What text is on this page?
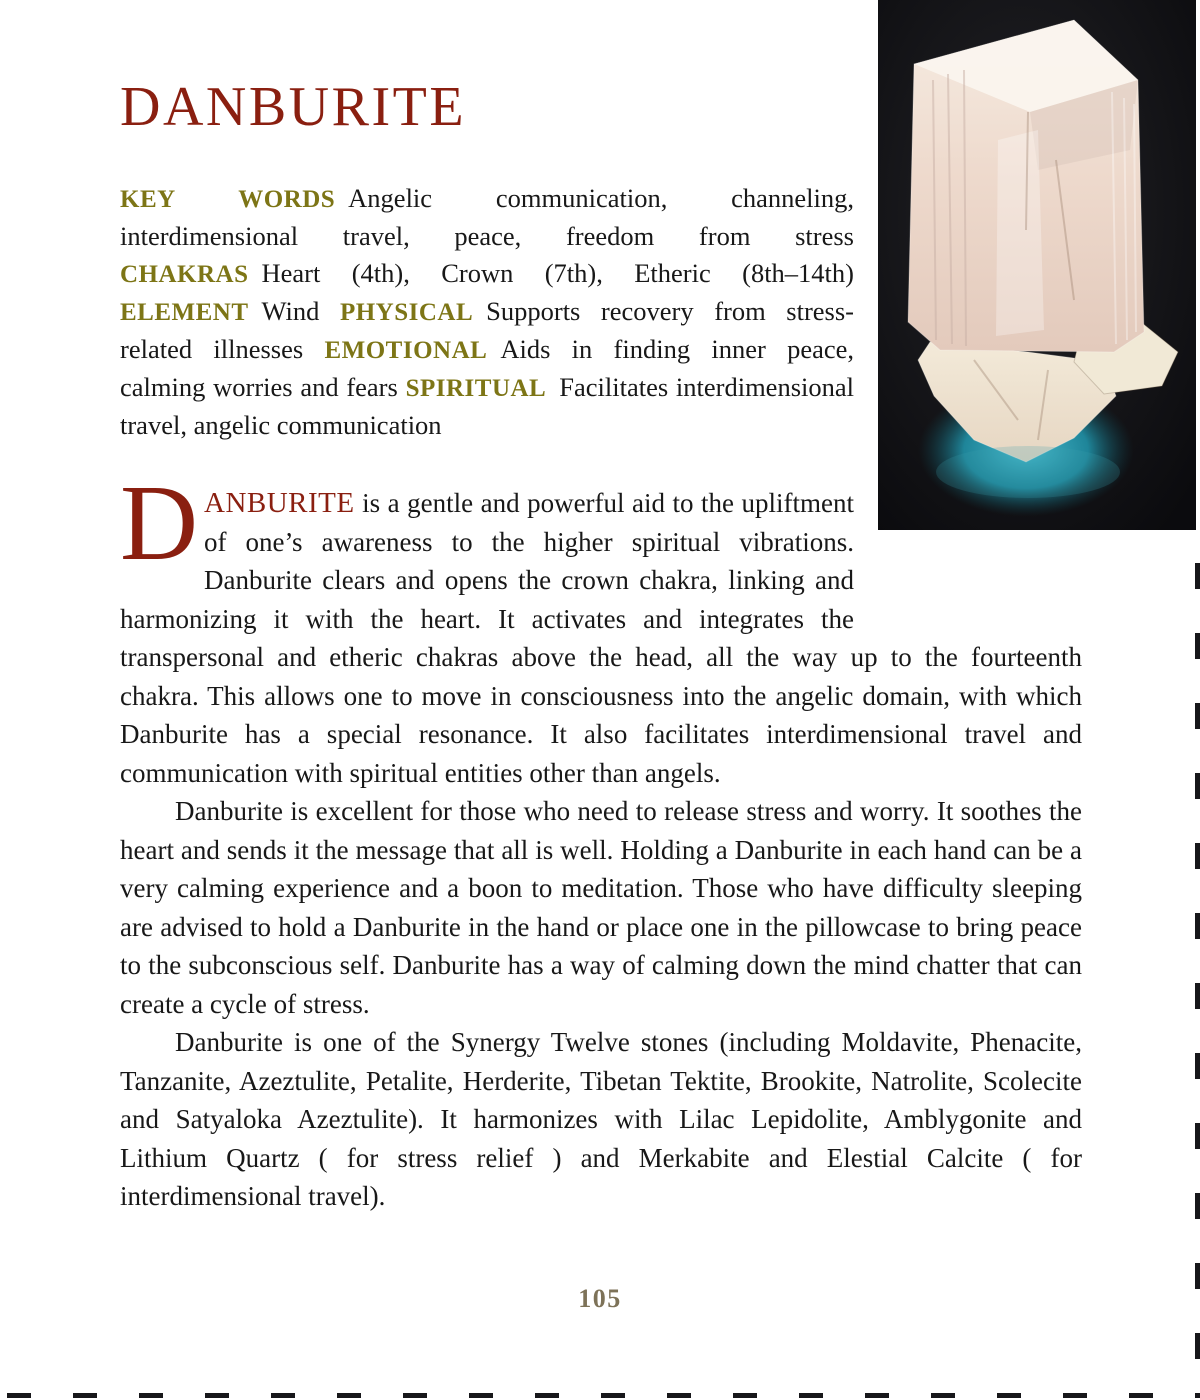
DANBURITE

KEY WORDS Angelic communication, channeling, interdimensional travel, peace, freedom from stress CHAKRAS Heart (4th), Crown (7th), Etheric (8th–14th) ELEMENT Wind PHYSICAL Supports recovery from stress-related illnesses EMOTIONAL Aids in finding inner peace, calming worries and fears SPIRITUAL Facilitates interdimensional travel, angelic communication

DANBURITE is a gentle and powerful aid to the upliftment of one’s awareness to the higher spiritual vibrations. Danburite clears and opens the crown chakra, linking and harmonizing it with the heart. It activates and integrates the transpersonal and etheric chakras above the head, all the way up to the fourteenth chakra. This allows one to move in consciousness into the angelic domain, with which Danburite has a special resonance. It also facilitates interdimensional travel and communication with spiritual entities other than angels.

Danburite is excellent for those who need to release stress and worry. It soothes the heart and sends it the message that all is well. Holding a Danburite in each hand can be a very calming experience and a boon to meditation. Those who have difficulty sleeping are advised to hold a Danburite in the hand or place one in the pillowcase to bring peace to the subconscious self. Danburite has a way of calming down the mind chatter that can create a cycle of stress.

Danburite is one of the Synergy Twelve stones (including Moldavite, Phenacite, Tanzanite, Azeztulite, Petalite, Herderite, Tibetan Tektite, Brookite, Natrolite, Scolecite and Satyaloka Azeztulite). It harmonizes with Lilac Lepidolite, Amblygonite and Lithium Quartz ( for stress relief ) and Merkabite and Elestial Calcite ( for interdimensional travel).

105
